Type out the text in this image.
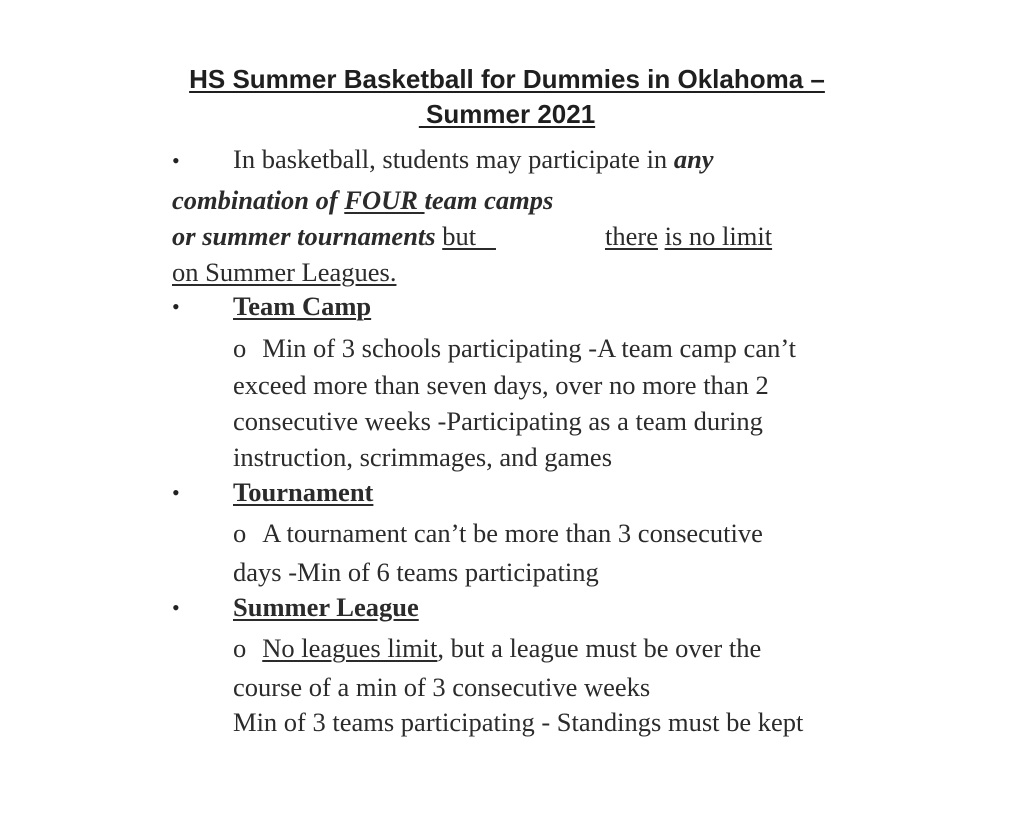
HS Summer Basketball for Dummies in Oklahoma –
Summer 2021
• In basketball, students may participate in any
combination of FOUR team camps
or summer tournaments but	there is no limit
on Summer Leagues.
• Team Camp
o Min of 3 schools participating -A team camp can’t
exceed more than seven days, over no more than 2
consecutive weeks -Participating as a team during
instruction, scrimmages, and games
• Tournament
o A tournament can’t be more than 3 consecutive
days -Min of 6 teams participating
• Summer League
o No leagues limit, but a league must be over the
course of a min of 3 consecutive weeks
Min of 3 teams participating - Standings must be kept
